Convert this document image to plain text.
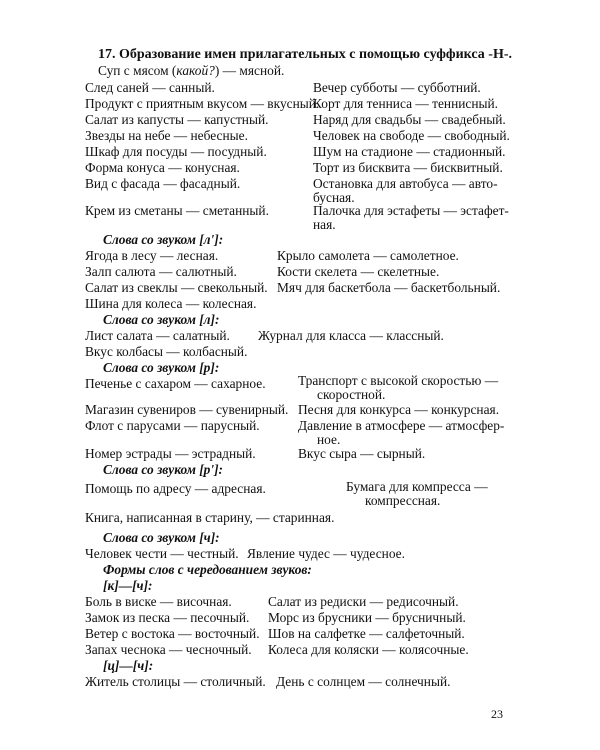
17. Образование имен прилагательных с помощью суффикса -Н-.
Суп с мясом (какой?) — мясной.
След саней — санный.
Продукт с приятным вкусом — вкусный.
Салат из капусты — капустный.
Звезды на небе — небесные.
Шкаф для посуды — посудный.
Форма конуса — конусная.
Вид с фасада — фасадный.
Крем из сметаны — сметанный.
Вечер субботы — субботний.
Корт для тенниса — теннисный.
Наряд для свадьбы — свадебный.
Человек на свободе — свободный.
Шум на стадионе — стадионный.
Торт из бисквита — бисквитный.
Остановка для автобуса — авто-
бусная.
Палочка для эстафеты — эстафет-
ная.
Слова со звуком [л']:
Ягода в лесу — лесная.
Залп салюта — салютный.
Салат из свеклы — свекольный.
Шина для колеса — колесная.
Крыло самолета — самолетное.
Кости скелета — скелетные.
Мяч для баскетбола — баскетбольный.
Слова со звуком [л]:
Лист салата — салатный.
Вкус колбасы — колбасный.
Журнал для класса — классный.
Слова со звуком [р]:
Печенье с сахаром — сахарное.
Магазин сувениров — сувенирный.
Флот с парусами — парусный.
Номер эстрады — эстрадный.
Транспорт с высокой скоростью —
скоростной.
Песня для конкурса — конкурсная.
Давление в атмосфере — атмосфер-
ное.
Вкус сыра — сырный.
Слова со звуком [р']:
Помощь по адресу — адресная.
Книга, написанная в старину, — старинная.
Бумага для компресса —
компрессная.
Слова со звуком [ч]:
Человек чести — честный. Явление чудес — чудесное.
Формы слов с чередованием звуков:
[к]—[ч]:
Боль в виске — височная.
Замок из песка — песочный.
Ветер с востока — восточный.
Запах чеснока — чесночный.
Салат из редиски — редисочный.
Морс из брусники — брусничный.
Шов на салфетке — салфеточный.
Колеса для коляски — колясочные.
[ц]—[ч]:
Житель столицы — столичный. День с солнцем — солнечный.
23
